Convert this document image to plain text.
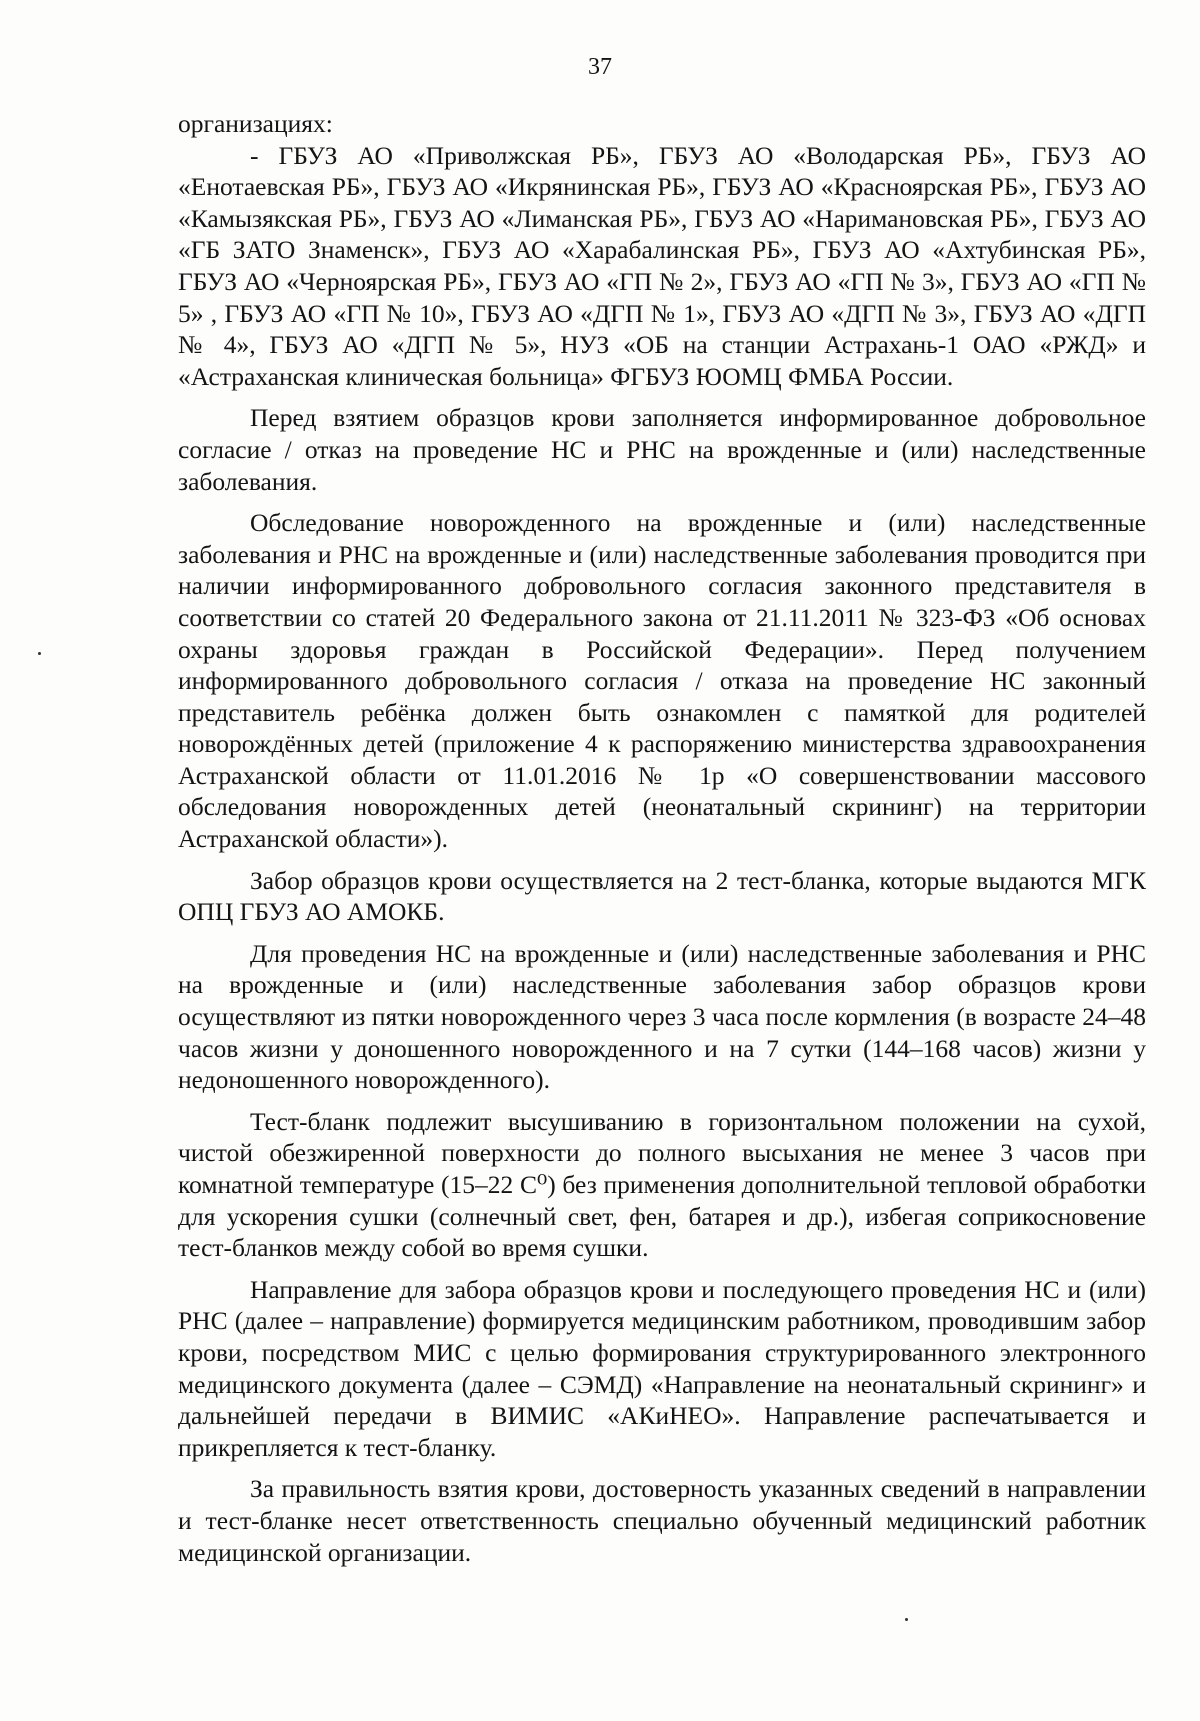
37

организациях:

- ГБУЗ АО «Приволжская РБ», ГБУЗ АО «Володарская РБ», ГБУЗ АО «Енотаевская РБ», ГБУЗ АО «Икрянинская РБ», ГБУЗ АО «Красноярская РБ», ГБУЗ АО «Камызякская РБ», ГБУЗ АО «Лиманская РБ», ГБУЗ АО «Наримановская РБ», ГБУЗ АО «ГБ ЗАТО Знаменск», ГБУЗ АО «Харабалинская РБ», ГБУЗ АО «Ахтубинская РБ», ГБУЗ АО «Черноярская РБ», ГБУЗ АО «ГП № 2», ГБУЗ АО «ГП № 3», ГБУЗ АО «ГП № 5» , ГБУЗ АО «ГП № 10», ГБУЗ АО «ДГП № 1», ГБУЗ АО «ДГП № 3», ГБУЗ АО «ДГП № 4», ГБУЗ АО «ДГП № 5», НУЗ «ОБ на станции Астрахань-1 ОАО «РЖД» и «Астраханская клиническая больница» ФГБУЗ ЮОМЦ ФМБА России.

Перед взятием образцов крови заполняется информированное добровольное согласие / отказ на проведение НС и РНС на врожденные и (или) наследственные заболевания.

Обследование новорожденного на врожденные и (или) наследственные заболевания и РНС на врожденные и (или) наследственные заболевания проводится при наличии информированного добровольного согласия законного представителя в соответствии со статей 20 Федерального закона от 21.11.2011 № 323-ФЗ «Об основах охраны здоровья граждан в Российской Федерации». Перед получением информированного добровольного согласия / отказа на проведение НС законный представитель ребёнка должен быть ознакомлен с памяткой для родителей новорождённых детей (приложение 4 к распоряжению министерства здравоохранения Астраханской области от 11.01.2016 № 1р «О совершенствовании массового обследования новорожденных детей (неонатальный скрининг) на территории Астраханской области»).

Забор образцов крови осуществляется на 2 тест-бланка, которые выдаются МГК ОПЦ ГБУЗ АО АМОКБ.

Для проведения НС на врожденные и (или) наследственные заболевания и РНС на врожденные и (или) наследственные заболевания забор образцов крови осуществляют из пятки новорожденного через 3 часа после кормления (в возрасте 24–48 часов жизни у доношенного новорожденного и на 7 сутки (144–168 часов) жизни у недоношенного новорожденного).

Тест-бланк подлежит высушиванию в горизонтальном положении на сухой, чистой обезжиренной поверхности до полного высыхания не менее 3 часов при комнатной температуре (15–22 С⁰) без применения дополнительной тепловой обработки для ускорения сушки (солнечный свет, фен, батарея и др.), избегая соприкосновение тест-бланков между собой во время сушки.

Направление для забора образцов крови и последующего проведения НС и (или) РНС (далее – направление) формируется медицинским работником, проводившим забор крови, посредством МИС с целью формирования структурированного электронного медицинского документа (далее – СЭМД) «Направление на неонатальный скрининг» и дальнейшей передачи в ВИМИС «АКиНЕО». Направление распечатывается и прикрепляется к тест-бланку.

За правильность взятия крови, достоверность указанных сведений в направлении и тест-бланке несет ответственность специально обученный медицинский работник медицинской организации.
